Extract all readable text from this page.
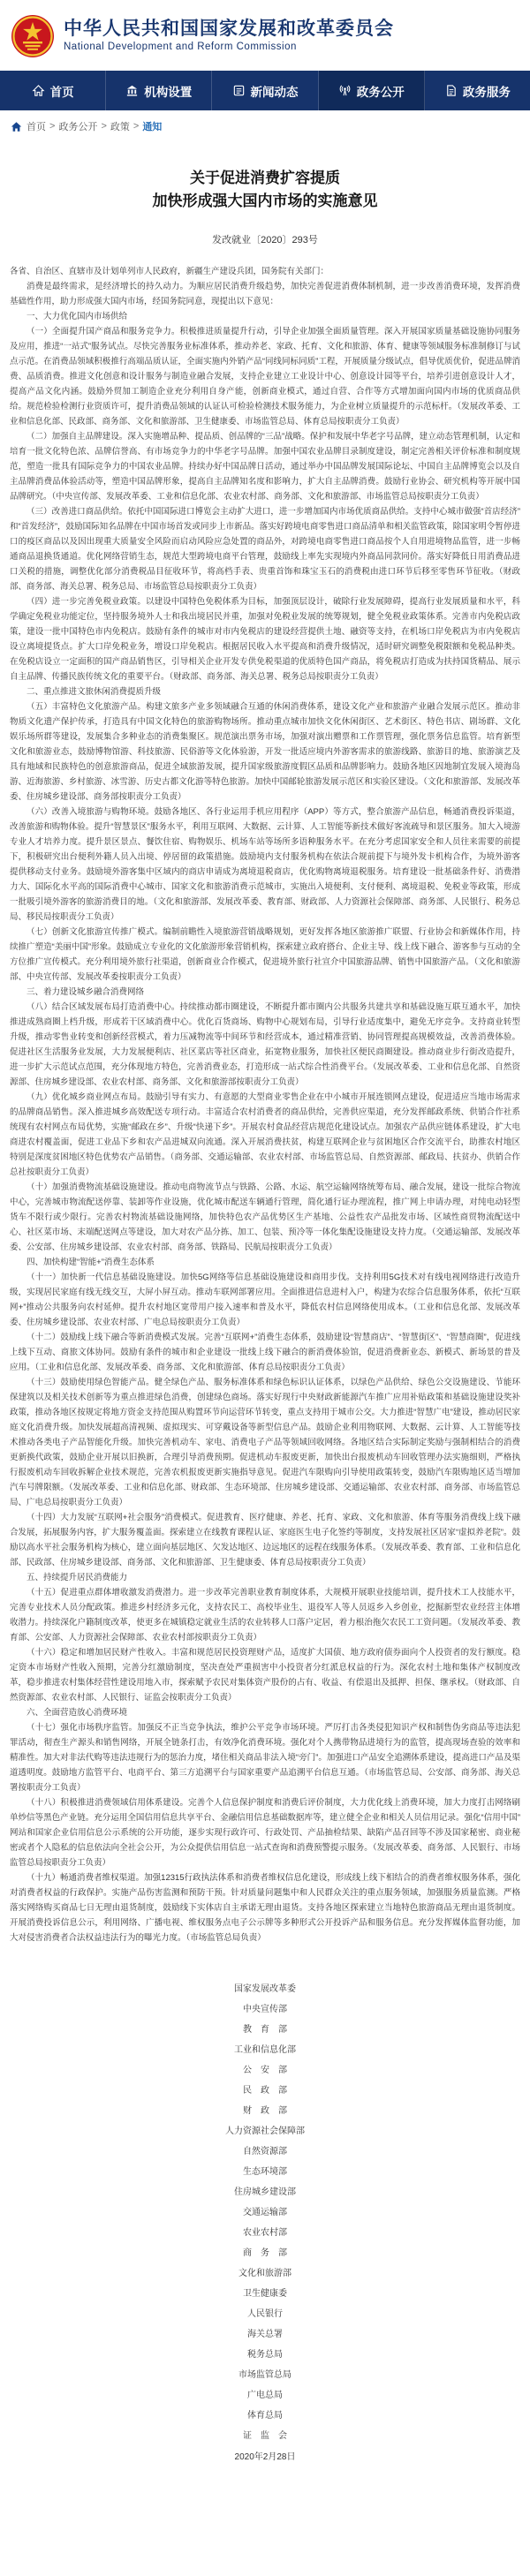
中华人民共和国国家发展和改革委员会
National Development and Reform Commission
首页	机构设置	新闻动态	政务公开	政务服务
首页 > 政务公开 > 政策 > 通知
关于促进消费扩容提质
加快形成强大国内市场的实施意见
发改就业〔2020〕293号

各省、自治区、直辖市及计划单列市人民政府，新疆生产建设兵团，国务院有关部门：

消费是最终需求，是经济增长的持久动力。为顺应居民消费升级趋势，加快完善促进消费体制机制，进一步改善消费环境，发挥消费基础性作用，助力形成强大国内市场，经国务院同意，现提出以下意见：

一、大力优化国内市场供给

（一）全面提升国产商品和服务竞争力。积极推进质量提升行动，引导企业加强全面质量管理。深入开展国家质量基础设施协同服务及应用，推进“一站式”服务试点。尽快完善服务业标准体系，推动养老、家政、托育、文化和旅游、体育、健康等领域服务标准制修订与试点示范。在消费品领域积极推行高端品质认证，全面实施内外销产品“同线同标同质”工程，开展质量分级试点，倡导优质优价，促进品牌消费、品质消费。推进文化创意和设计服务与制造业融合发展，支持企业建立工业设计中心、创意设计园等平台，培养引进创意设计人才，提高产品文化内涵。鼓励外贸加工制造企业充分利用自身产能，创新商业模式，通过自营、合作等方式增加面向国内市场的优质商品供给。规范检验检测行业资质许可，提升消费品领域的认证认可检验检测技术服务能力，为企业树立质量提升的示范标杆。（发展改革委、工业和信息化部、民政部、商务部、文化和旅游部、卫生健康委、市场监管总局、体育总局按职责分工负责）

（二）加强自主品牌建设。深入实施增品种、提品质、创品牌的“三品”战略。保护和发展中华老字号品牌，建立动态管理机制，认定和培育一批文化特色浓、品牌信誉高、有市场竞争力的中华老字号品牌。加强中国农业品牌目录制度建设，制定完善相关评价标准和制度规范，塑造一批具有国际竞争力的中国农业品牌。持续办好中国品牌日活动，通过举办中国品牌发展国际论坛、中国自主品牌博览会以及自主品牌消费品体验活动等，塑造中国品牌形象，提高自主品牌知名度和影响力，扩大自主品牌消费。鼓励行业协会、研究机构等开展中国品牌研究。（中央宣传部、发展改革委、工业和信息化部、农业农村部、商务部、文化和旅游部、市场监管总局按职责分工负责）

（三）改善进口商品供给。依托中国国际进口博览会主动扩大进口，进一步增加国内市场优质商品供给。支持中心城市做强“首店经济”和“首发经济”，鼓励国际知名品牌在中国市场首发或同步上市新品。落实好跨境电商零售进口商品清单和相关监管政策，除国家明令暂停进口的疫区商品以及因出现重大质量安全风险而启动风险应急处置的商品外，对跨境电商零售进口商品按个人自用进境物品监管，进一步畅通商品退换货通道。优化网络营销生态，规范大型跨境电商平台管理，鼓励线上率先实现境内外商品同款同价。落实好降低日用消费品进口关税的措施，调整优化部分消费税品目征收环节，将高档手表、贵重首饰和珠宝玉石的消费税由进口环节后移至零售环节征收。（财政部、商务部、海关总署、税务总局、市场监管总局按职责分工负责）

（四）进一步完善免税业政策。以建设中国特色免税体系为目标，加强顶层设计，破除行业发展障碍，提高行业发展质量和水平，科学确定免税业功能定位，坚持服务境外人士和我出境居民并重，加强对免税业发展的统筹规划，健全免税业政策体系。完善市内免税店政策，建设一批中国特色市内免税店。鼓励有条件的城市对市内免税店的建设经营提供土地、融资等支持，在机场口岸免税店为市内免税店设立离境提货点。扩大口岸免税业务，增设口岸免税店。根据居民收入水平提高和消费升级情况，适时研究调整免税限额和免税品种类。在免税店设立一定面积的国产商品销售区，引导相关企业开发专供免税渠道的优质特色国产商品，将免税店打造成为扶持国货精品、展示自主品牌、传播民族传统文化的重要平台。（财政部、商务部、海关总署、税务总局按职责分工负责）

二、重点推进文旅休闲消费提质升级

（五）丰富特色文化旅游产品。构建文旅多产业多领域融合互通的休闲消费体系，建设文化产业和旅游产业融合发展示范区。推动非物质文化遗产保护传承，打造具有中国文化特色的旅游购物场所。推动重点城市加快文化休闲街区、艺术街区、特色书店、剧场群、文化娱乐场所群等建设，发展集合多种业态的消费集聚区。规范演出票务市场，加强对演出赠票和工作票管理，强化票务信息监管。培育新型文化和旅游业态，鼓励博物馆游、科技旅游、民俗游等文化体验游，开发一批适应境内外游客需求的旅游线路、旅游目的地、旅游演艺及具有地域和民族特色的创意旅游商品，促进全域旅游发展，提升国家级旅游度假区品质和品牌影响力。鼓励各地区因地制宜发展入境海岛游、近海旅游、乡村旅游、冰雪游、历史古都文化游等特色旅游。加快中国邮轮旅游发展示范区和实验区建设。（文化和旅游部、发展改革委、住房城乡建设部、商务部按职责分工负责）

（六）改善入境旅游与购物环境。鼓励各地区、各行业运用手机应用程序（APP）等方式，整合旅游产品信息，畅通消费投诉渠道，改善旅游和购物体验。提升“智慧景区”服务水平，利用互联网、大数据、云计算、人工智能等新技术做好客流疏导和景区服务。加大入境游专业人才培养力度。提升景区景点、餐饮住宿、购物娱乐、机场车站等场所多语种服务水平。在充分考虑国家安全和人员往来需要的前提下，积极研究出台便利外籍人员入出境、停居留的政策措施。鼓励境内支付服务机构在依法合规前提下与境外发卡机构合作，为境外游客提供移动支付业务。鼓励境外游客集中区域内的商店申请成为离境退税商店，优化购物离境退税服务。培育建设一批基础条件好、消费潜力大、国际化水平高的国际消费中心城市、国家文化和旅游消费示范城市，实施出入境便利、支付便利、离境退税、免税业等政策，形成一批吸引境外游客的旅游消费目的地。（文化和旅游部、发展改革委、教育部、财政部、人力资源社会保障部、商务部、人民银行、税务总局、移民局按职责分工负责）

（七）创新文化旅游宣传推广模式。编制前瞻性入境旅游营销战略规划，更好发挥各地区旅游推广联盟、行业协会和新媒体作用，持续推广塑造“美丽中国”形象。鼓励成立专业化的文化旅游形象营销机构，探索建立政府搭台、企业主导、线上线下融合、游客参与互动的全方位推广宣传模式。充分利用境外旅行社渠道，创新商业合作模式，促进境外旅行社宣介中国旅游品牌、销售中国旅游产品。（文化和旅游部、中央宣传部、发展改革委按职责分工负责）

三、着力建设城乡融合消费网络

（八）结合区域发展布局打造消费中心。持续推动都市圈建设，不断提升都市圈内公共服务共建共享和基础设施互联互通水平，加快推进成熟商圈上档升级，形成若干区域消费中心。优化百货商场、购物中心规划布局，引导行业适度集中，避免无序竞争。支持商业转型升级，推动零售业转变和创新经营模式，着力压减物流等中间环节和经营成本，通过精准营销、协同管理提高规模效益，改善消费体验。促进社区生活服务业发展，大力发展便利店、社区菜店等社区商业，拓宽物业服务，加快社区便民商圈建设。推动商业步行街改造提升，进一步扩大示范试点范围，充分体现地方特色，完善消费业态，打造形成一站式综合性消费平台。（发展改革委、工业和信息化部、自然资源部、住房城乡建设部、农业农村部、商务部、文化和旅游部按职责分工负责）

（九）优化城乡商业网点布局。鼓励引导有实力、有意愿的大型商业零售企业在中小城市开展连锁网点建设，促进适应当地市场需求的品牌商品销售。深入推进城乡高效配送专项行动。丰富适合农村消费者的商品供给，完善供应渠道，充分发挥邮政系统、供销合作社系统现有农村网点布局优势，实施“邮政在乡”、升级“快递下乡”。开展农村食品经营店规范化建设试点。加强农产品供应链体系建设，扩大电商进农村覆盖面，促进工业品下乡和农产品进城双向流通。深入开展消费扶贫，构建互联网企业与贫困地区合作交流平台，助推农村地区特别是深度贫困地区特色优势农产品销售。（商务部、交通运输部、农业农村部、市场监管总局、自然资源部、邮政局、扶贫办、供销合作总社按职责分工负责）

（十）加强消费物流基础设施建设。推动电商物流节点与铁路、公路、水运、航空运输网络统筹布局、融合发展，建设一批综合物流中心，完善城市物流配送停靠、装卸等作业设施，优化城市配送车辆通行管理，简化通行证办理流程，推广网上申请办理，对纯电动轻型货车不限行或少限行。完善农村物流基础设施网络，加快特色农产品优势区生产基地、公益性农产品批发市场、区域性商贸物流配送中心、社区菜市场、末端配送网点等建设，加大对农产品分拣、加工、包装、预冷等一体化集配设施建设支持力度。（交通运输部、发展改革委、公安部、住房城乡建设部、农业农村部、商务部、铁路局、民航局按职责分工负责）

四、加快构建“智能+”消费生态体系

（十一）加快新一代信息基础设施建设。加快5G网络等信息基础设施建设和商用步伐。支持利用5G技术对有线电视网络进行改造升级，实现居民家庭有线无线交互，大屏小屏互动。推动车联网部署应用。全面推进信息进村入户，构建为农综合信息服务体系，依托“互联网+”推动公共服务向农村延伸。提升农村地区宽带用户接入速率和普及水平，降低农村信息网络使用成本。（工业和信息化部、发展改革委、住房城乡建设部、农业农村部、广电总局按职责分工负责）

（十二）鼓励线上线下融合等新消费模式发展。完善“互联网+”消费生态体系，鼓励建设“智慧商店”、“智慧街区”、“智慧商圈”，促进线上线下互动、商旅文体协同。鼓励有条件的城市和企业建设一批线上线下融合的新消费体验馆，促进消费新业态、新模式、新场景的普及应用。（工业和信息化部、发展改革委、商务部、文化和旅游部、体育总局按职责分工负责）

（十三）鼓励使用绿色智能产品。健全绿色产品、服务标准体系和绿色标识认证体系，以绿色产品供给、绿色公交设施建设、节能环保建筑以及相关技术创新等为重点推进绿色消费，创建绿色商场。落实好现行中央财政新能源汽车推广应用补贴政策和基础设施建设奖补政策，推动各地区按规定将地方资金支持范围从购置环节向运营环节转变，重点支持用于城市公交。大力推进“智慧广电”建设，推动居民家庭文化消费升级。加快发展超高清视频、虚拟现实、可穿戴设备等新型信息产品。鼓励企业利用物联网、大数据、云计算、人工智能等技术推动各类电子产品智能化升级。加快完善机动车、家电、消费电子产品等领域回收网络。各地区结合实际制定奖励与强制相结合的消费更新换代政策，鼓励企业开展以旧换新，合理引导消费预期。促进机动车报废更新，加快出台报废机动车回收管理办法实施细则，严格执行报废机动车回收拆解企业技术规范，完善农机报废更新实施指导意见。促进汽车限购向引导使用政策转变，鼓励汽车限购地区适当增加汽车号牌限额。（发展改革委、工业和信息化部、财政部、生态环境部、住房城乡建设部、交通运输部、农业农村部、商务部、市场监管总局、广电总局按职责分工负责）

（十四）大力发展“互联网+社会服务”消费模式。促进教育、医疗健康、养老、托育、家政、文化和旅游、体育等服务消费线上线下融合发展，拓展服务内容，扩大服务覆盖面。探索建立在线教育课程认证、家庭医生电子化签约等制度，支持发展社区居家“虚拟养老院”。鼓励以高水平社会服务机构为核心，建立面向基层地区、欠发达地区、边远地区的远程在线服务体系。（发展改革委、教育部、工业和信息化部、民政部、住房城乡建设部、商务部、文化和旅游部、卫生健康委、体育总局按职责分工负责）

五、持续提升居民消费能力

（十五）促进重点群体增收激发消费潜力。进一步改革完善职业教育制度体系，大规模开展职业技能培训，提升技术工人技能水平，完善专业技术人员分配政策。推进乡村经济多元化，支持农民工、高校毕业生、退役军人等人员返乡入乡创业，挖掘新型农业经营主体增收潜力。持续深化户籍制度改革，使更多在城镇稳定就业生活的农业转移人口落户定居，着力根治拖欠农民工工资问题。（发展改革委、教育部、公安部、人力资源社会保障部、农业农村部按职责分工负责）

（十六）稳定和增加居民财产性收入。丰富和规范居民投资理财产品，适度扩大国债、地方政府债券面向个人投资者的发行额度。稳定资本市场财产性收入预期，完善分红激励制度，坚决查处严重损害中小投资者分红派息权益的行为。深化农村土地和集体产权制度改革，稳步推进农村集体经营性建设用地入市，探索赋予农民对集体资产股份的占有、收益、有偿退出及抵押、担保、继承权。（财政部、自然资源部、农业农村部、人民银行、证监会按职责分工负责）

六、全面营造放心消费环境

（十七）强化市场秩序监管。加强反不正当竞争执法，维护公平竞争市场环境。严厉打击各类侵犯知识产权和制售伪劣商品等违法犯罪活动，彻查生产源头和销售网络，开展全链条打击，有效净化消费环境。强化对个人携带物品进境行为的监管，提高现场查验的效率和精准性。加大对非法代购等违法违规行为的惩治力度，堵住相关商品非法入境“旁门”。加强进口产品安全追溯体系建设，提高进口产品及渠道透明度。鼓励地方监管平台、电商平台、第三方追溯平台与国家重要产品追溯平台信息互通。（市场监管总局、公安部、商务部、海关总署按职责分工负责）

（十八）积极推进消费领域信用体系建设。完善个人信息保护制度和消费后评价制度，大力优化线上消费环境，加大力度打击网络刷单炒信等黑色产业链。充分运用全国信用信息共享平台、金融信用信息基础数据库等，建立健全企业和相关人员信用记录。强化“信用中国”网站和国家企业信用信息公示系统的公开功能，逐步实现行政许可、行政处罚、产品抽检结果、缺陷产品召回等不涉及国家秘密、商业秘密或者个人隐私的信息依法向全社会公开，为公众提供信用信息一站式查询和消费预警提示服务。（发展改革委、商务部、人民银行、市场监管总局按职责分工负责）

（十九）畅通消费者维权渠道。加强12315行政执法体系和消费者维权信息化建设，形成线上线下相结合的消费者维权服务体系，强化对消费者权益的行政保护。实施产品伤害监测和预防干预。针对质量问题集中和人民群众关注的重点服务领域，加强服务质量监测。严格落实网络购买商品七日无理由退货制度，鼓励线下实体店自主承诺无理由退货。支持各地区探索建立当地特色旅游商品无理由退货制度。开展消费投诉信息公示，利用网络、广播电视、维权服务点电子公示牌等多种形式公开投诉产品和服务信息。充分发挥媒体监督功能，加大对侵害消费者合法权益违法行为的曝光力度。（市场监管总局负责）

国家发展改革委
中央宣传部
教　育　部
工业和信息化部
公　安　部
民　政　部
财　政　部
人力资源社会保障部
自然资源部
生态环境部
住房城乡建设部
交通运输部
农业农村部
商　务　部
文化和旅游部
卫生健康委
人民银行
海关总署
税务总局
市场监管总局
广电总局
体育总局
证　监　会
2020年2月28日
